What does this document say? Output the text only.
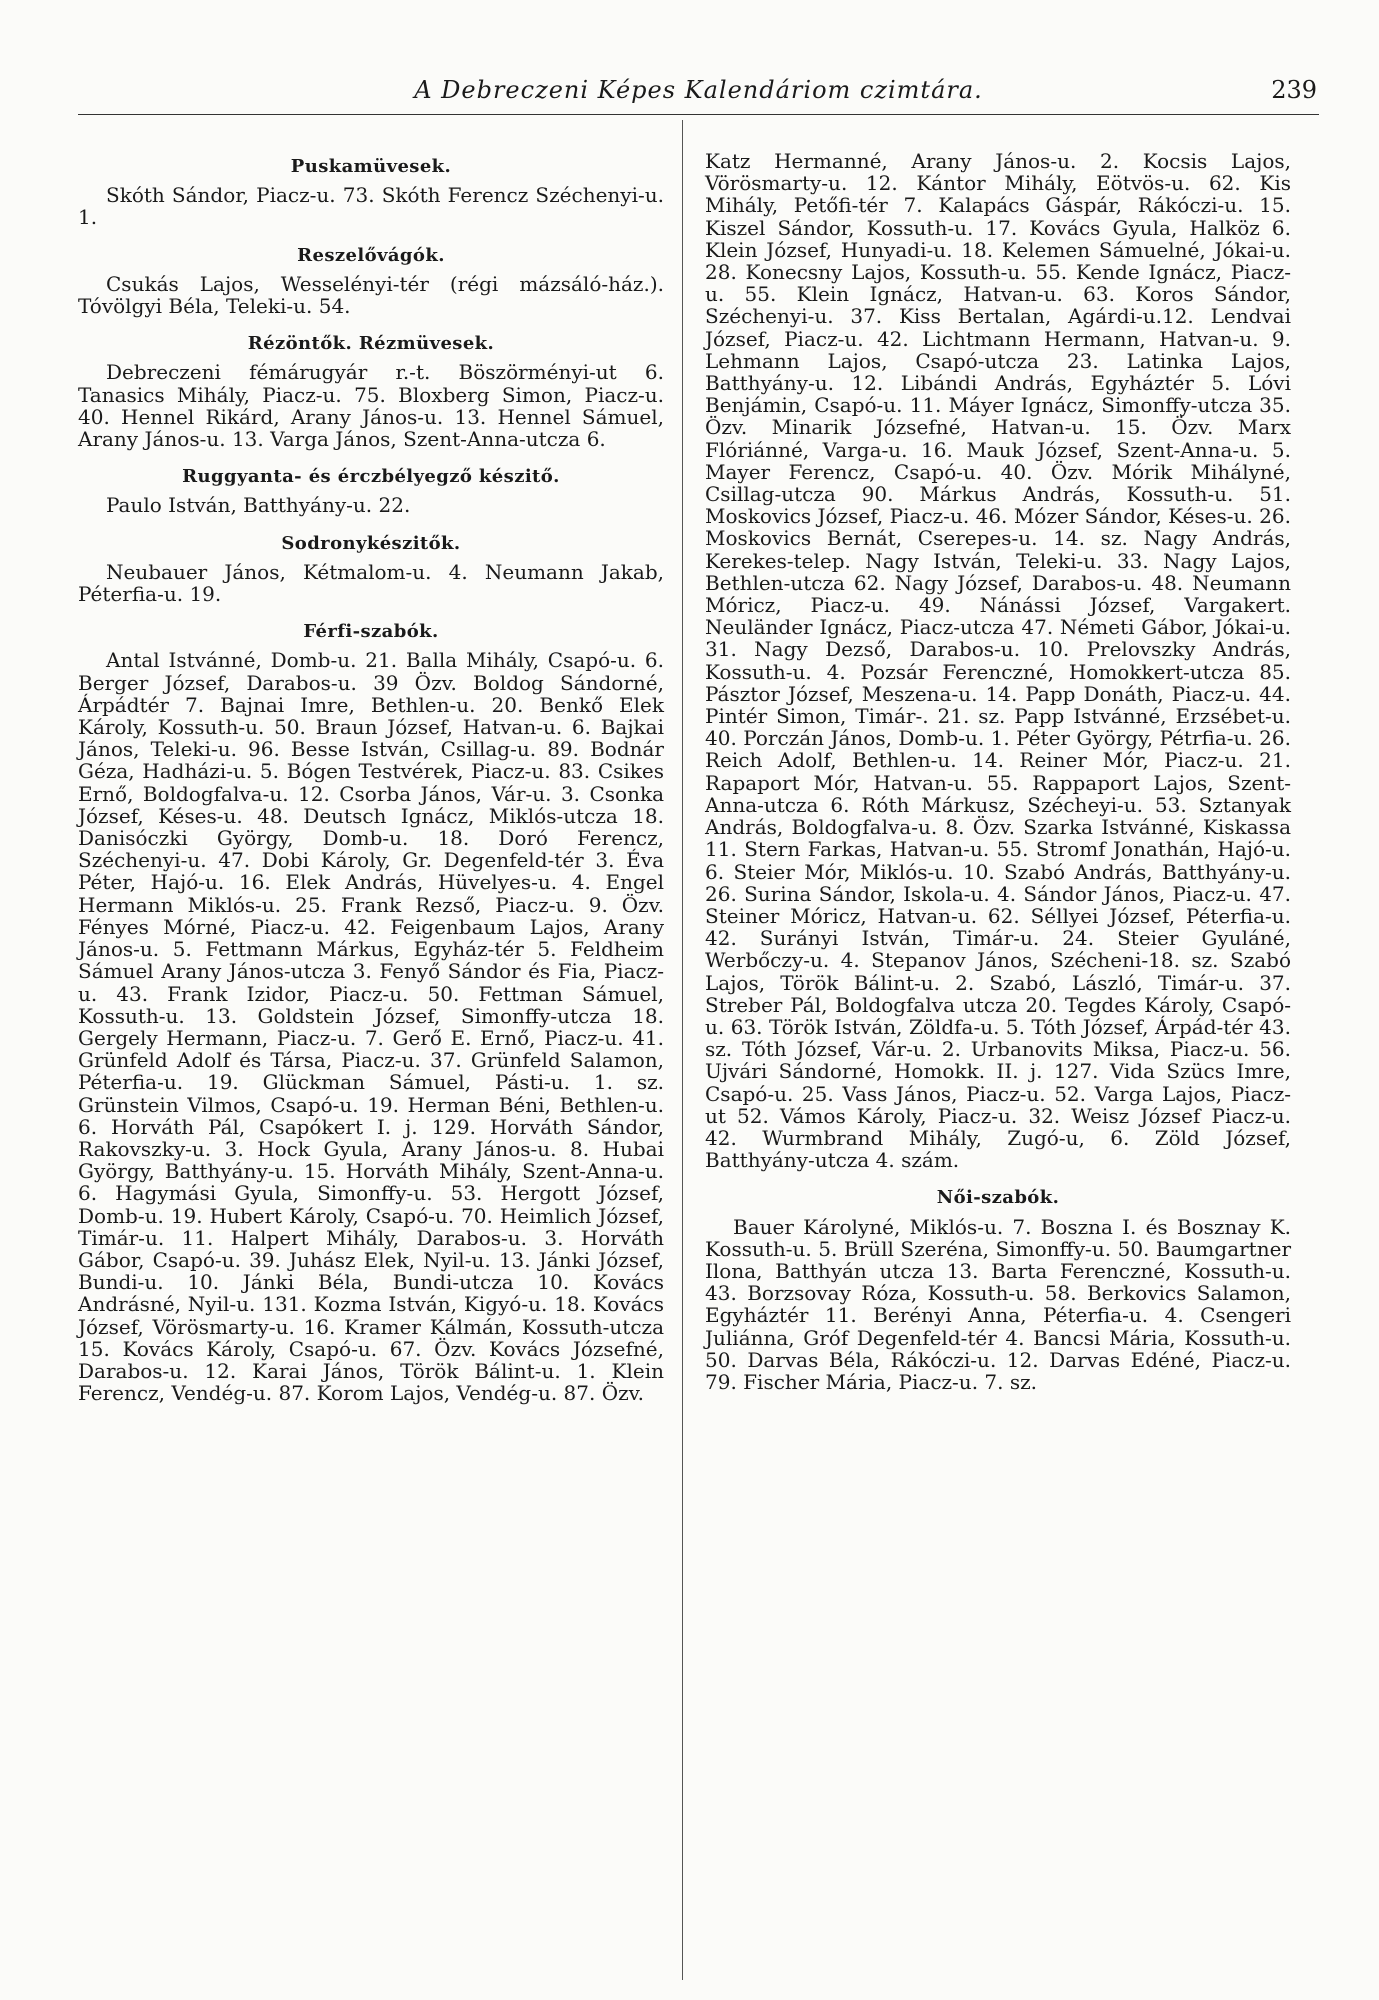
A Debreczeni Képes Kalendáriom czimtára.	239
Puskamüvesek.

Skóth Sándor, Piacz-u. 73. Skóth Ferencz Széchenyi-u. 1.

Reszelővágók.

Csukás Lajos, Wesselényi-tér (régi mázsáló-ház.). Tóvölgyi Béla, Teleki-u. 54.

Rézöntők. Rézmüvesek.

Debreczeni fémárugyár r.-t. Böszörményi-ut 6. Tanasics Mihály, Piacz-u. 75. Bloxberg Simon, Piacz-u. 40. Hennel Rikárd, Arany János-u. 13. Hennel Sámuel, Arany János-u. 13. Varga János, Szent-Anna-utcza 6.

Ruggyanta- és érczbélyegző készitő.

Paulo István, Batthyány-u. 22.

Sodronykészitők.

Neubauer János, Kétmalom-u. 4. Neumann Jakab, Péterfia-u. 19.

Férfi-szabók.

Antal Istvánné, Domb-u. 21. Balla Mihály, Csapó-u. 6. Berger József, Darabos-u. 39 Özv. Boldog Sándorné, Árpádtér 7. Bajnai Imre, Bethlen-u. 20. Benkő Elek Károly, Kossuth-u. 50. Braun József, Hatvan-u. 6. Bajkai János, Teleki-u. 96. Besse István, Csillag-u. 89. Bodnár Géza, Hadházi-u. 5. Bógen Testvérek, Piacz-u. 83. Csikes Ernő, Boldogfalva-u. 12. Csorba János, Vár-u. 3. Csonka József, Késes-u. 48. Deutsch Ignácz, Miklós-utcza 18. Danisóczki György, Domb-u. 18. Doró Ferencz, Széchenyi-u. 47. Dobi Károly, Gr. Degenfeld-tér 3. Éva Péter, Hajó-u. 16. Elek András, Hüvelyes-u. 4. Engel Hermann Miklós-u. 25. Frank Rezső, Piacz-u. 9. Özv. Fényes Mórné, Piacz-u. 42. Feigenbaum Lajos, Arany János-u. 5. Fettmann Márkus, Egyház-tér 5. Feldheim Sámuel Arany János-utcza 3. Fenyő Sándor és Fia, Piacz-u. 43. Frank Izidor, Piacz-u. 50. Fettman Sámuel, Kossuth-u. 13. Goldstein József, Simonffy-utcza 18. Gergely Hermann, Piacz-u. 7. Gerő E. Ernő, Piacz-u. 41. Grünfeld Adolf és Társa, Piacz-u. 37. Grünfeld Salamon, Péterfia-u. 19. Glückman Sámuel, Pásti-u. 1. sz. Grünstein Vilmos, Csapó-u. 19. Herman Béni, Bethlen-u. 6. Horváth Pál, Csapókert I. j. 129. Horváth Sándor, Rakovszky-u. 3. Hock Gyula, Arany János-u. 8. Hubai György, Batthyány-u. 15. Horváth Mihály, Szent-Anna-u. 6. Hagymási Gyula, Simonffy-u. 53. Hergott József, Domb-u. 19. Hubert Károly, Csapó-u. 70. Heimlich József, Timár-u. 11. Halpert Mihály, Darabos-u. 3. Horváth Gábor, Csapó-u. 39. Juhász Elek, Nyil-u. 13. Jánki József, Bundi-u. 10. Jánki Béla, Bundi-utcza 10. Kovács Andrásné, Nyil-u. 131. Kozma István, Kigyó-u. 18. Kovács József, Vörösmarty-u. 16. Kramer Kálmán, Kossuth-utcza 15. Kovács Károly, Csapó-u. 67. Özv. Kovács Józsefné, Darabos-u. 12. Karai János, Török Bálint-u. 1. Klein Ferencz, Vendég-u. 87. Korom Lajos, Vendég-u. 87. Özv.

Katz Hermanné, Arany János-u. 2. Kocsis Lajos, Vörösmarty-u. 12. Kántor Mihály, Eötvös-u. 62. Kis Mihály, Petőfi-tér 7. Kalapács Gáspár, Rákóczi-u. 15. Kiszel Sándor, Kossuth-u. 17. Kovács Gyula, Halköz 6. Klein József, Hunyadi-u. 18. Kelemen Sámuelné, Jókai-u. 28. Konecsny Lajos, Kossuth-u. 55. Kende Ignácz, Piacz-u. 55. Klein Ignácz, Hatvan-u. 63. Koros Sándor, Széchenyi-u. 37. Kiss Bertalan, Agárdi-u.12. Lendvai József, Piacz-u. 42. Lichtmann Hermann, Hatvan-u. 9. Lehmann Lajos, Csapó-utcza 23. Latinka Lajos, Batthyány-u. 12. Libándi András, Egyháztér 5. Lóvi Benjámin, Csapó-u. 11. Máyer Ignácz, Simonffy-utcza 35. Özv. Minarik Józsefné, Hatvan-u. 15. Özv. Marx Flóriánné, Varga-u. 16. Mauk József, Szent-Anna-u. 5. Mayer Ferencz, Csapó-u. 40. Özv. Mórik Mihályné, Csillag-utcza 90. Márkus András, Kossuth-u. 51. Moskovics József, Piacz-u. 46. Mózer Sándor, Késes-u. 26. Moskovics Bernát, Cserepes-u. 14. sz. Nagy András, Kerekes-telep. Nagy István, Teleki-u. 33. Nagy Lajos, Bethlen-utcza 62. Nagy József, Darabos-u. 48. Neumann Móricz, Piacz-u. 49. Nánássi József, Vargakert. Neuländer Ignácz, Piacz-utcza 47. Németi Gábor, Jókai-u. 31. Nagy Dezső, Darabos-u. 10. Prelovszky András, Kossuth-u. 4. Pozsár Ferenczné, Homokkert-utcza 85. Pásztor József, Meszena-u. 14. Papp Donáth, Piacz-u. 44. Pintér Simon, Timár-. 21. sz. Papp Istvánné, Erzsébet-u. 40. Porczán János, Domb-u. 1. Péter György, Pétrfia-u. 26. Reich Adolf, Bethlen-u. 14. Reiner Mór, Piacz-u. 21. Rapaport Mór, Hatvan-u. 55. Rappaport Lajos, Szent-Anna-utcza 6. Róth Márkusz, Szécheyi-u. 53. Sztanyak András, Boldogfalva-u. 8. Özv. Szarka Istvánné, Kiskassa 11. Stern Farkas, Hatvan-u. 55. Stromf Jonathán, Hajó-u. 6. Steier Mór, Miklós-u. 10. Szabó András, Batthyány-u. 26. Surina Sándor, Iskola-u. 4. Sándor János, Piacz-u. 47. Steiner Móricz, Hatvan-u. 62. Séllyei József, Péterfia-u. 42. Surányi István, Timár-u. 24. Steier Gyuláné, Werbőczy-u. 4. Stepanov János, Szécheni-18. sz. Szabó Lajos, Török Bálint-u. 2. Szabó, László, Timár-u. 37. Streber Pál, Boldogfalva utcza 20. Tegdes Károly, Csapó-u. 63. Török István, Zöldfa-u. 5. Tóth József, Árpád-tér 43. sz. Tóth József, Vár-u. 2. Urbanovits Miksa, Piacz-u. 56. Ujvári Sándorné, Homokk. II. j. 127. Vida Szücs Imre, Csapó-u. 25. Vass János, Piacz-u. 52. Varga Lajos, Piacz-ut 52. Vámos Károly, Piacz-u. 32. Weisz József Piacz-u. 42. Wurmbrand Mihály, Zugó-u, 6. Zöld József, Batthyány-utcza 4. szám.

Női-szabók.

Bauer Károlyné, Miklós-u. 7. Boszna I. és Bosznay K. Kossuth-u. 5. Brüll Szeréna, Simonffy-u. 50. Baumgartner Ilona, Batthyán utcza 13. Barta Ferenczné, Kossuth-u. 43. Borzsovay Róza, Kossuth-u. 58. Berkovics Salamon, Egyháztér 11. Berényi Anna, Péterfia-u. 4. Csengeri Juliánna, Gróf Degenfeld-tér 4. Bancsi Mária, Kossuth-u. 50. Darvas Béla, Rákóczi-u. 12. Darvas Edéné, Piacz-u. 79. Fischer Mária, Piacz-u. 7. sz.
